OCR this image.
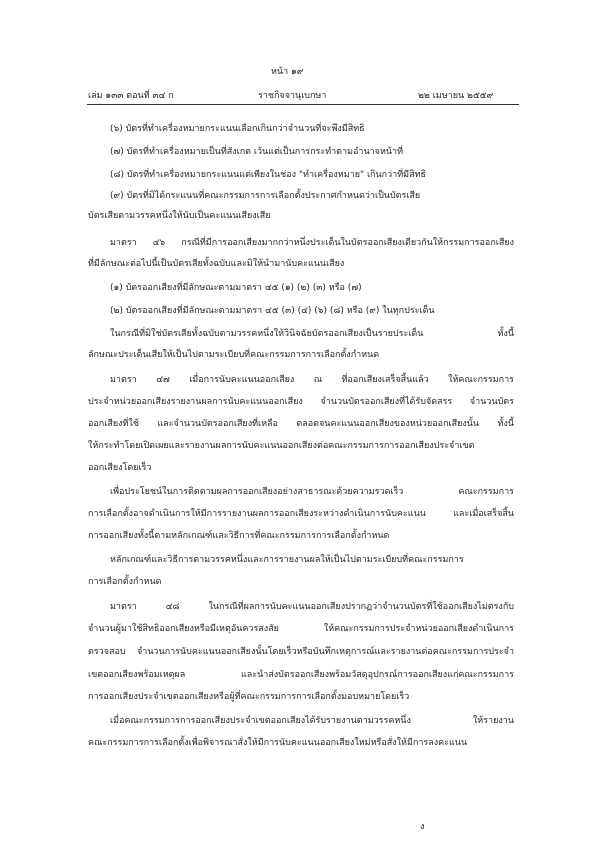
หน้า ๑๙

เล่ม ๑๓๓ ตอนที่ ๓๔ ก	ราชกิจจานุเบกษา	๒๒ เมษายน ๒๕๕๙

(๖) บัตรที่ทำเครื่องหมายกระแนนเลือกเกินกว่าจำนวนที่จะพึงมีสิทธิ

(๗) บัตรที่ทำเครื่องหมายเป็นที่สังเกต เว้นแต่เป็นการกระทำตามอำนาจหน้าที่

(๘) บัตรที่ทำเครื่องหมายกระแนนแต่เพียงในช่อง "ทำเครื่องหมาย" เกินกว่าที่มีสิทธิ

(๙) บัตรที่มิได้กระแนนที่คณะกรรมการการเลือกตั้งประกาศกำหนดว่าเป็นบัตรเสีย

บัตรเสียตามวรรคหนึ่งให้นับเป็นคะแนนเสียงเสีย

มาตรา ๔๖ กรณีที่มีการออกเสียงมากกว่าหนึ่งประเด็นในบัตรออกเสียงเดียวกันให้กรรมการออกเสียง

ที่มีลักษณะต่อไปนี้เป็นบัตรเสียทั้งฉบับและมิให้นำมานับคะแนนเสียง

(๑) บัตรออกเสียงที่มีลักษณะตามมาตรา ๔๕ (๑) (๒) (๓) หรือ (๗)

(๒) บัตรออกเสียงที่มีลักษณะตามมาตรา ๔๕ (๓) (๔) (๖) (๘) หรือ (๙) ในทุกประเด็น

ในกรณีที่มิใช่บัตรเสียทั้งฉบับตามวรรคหนึ่งให้วินิจฉัยบัตรออกเสียงเป็นรายประเด็น ทั้งนี้

ลักษณะประเด็นเสียให้เป็นไปตามระเบียบที่คณะกรรมการการเลือกตั้งกำหนด

มาตรา ๔๗ เมื่อการนับคะแนนออกเสียง ณ ที่ออกเสียงเสร็จสิ้นแล้ว ให้คณะกรรมการ

ประจำหน่วยออกเสียงรายงานผลการนับคะแนนออกเสียง จำนวนบัตรออกเสียงที่ได้รับจัดสรร จำนวนบัตร

ออกเสียงที่ใช้ และจำนวนบัตรออกเสียงที่เหลือ ตลอดจนคะแนนออกเสียงของหน่วยออกเสียงนั้น ทั้งนี้

ให้กระทำโดยเปิดเผยและรายงานผลการนับคะแนนออกเสียงต่อคณะกรรมการการออกเสียงประจำเขต

ออกเสียงโดยเร็ว

เพื่อประโยชน์ในการติดตามผลการออกเสียงอย่างสาธารณะด้วยความรวดเร็ว คณะกรรมการ

การเลือกตั้งอาจดำเนินการให้มีการรายงานผลการออกเสียงระหว่างดำเนินการนับคะแนน และเมื่อเสร็จสิ้น

การออกเสียงทั้งนี้ตามหลักเกณฑ์และวิธีการที่คณะกรรมการการเลือกตั้งกำหนด

หลักเกณฑ์และวิธีการตามวรรคหนึ่งและการรายงานผลให้เป็นไปตามระเบียบที่คณะกรรมการ

การเลือกตั้งกำหนด

มาตรา ๔๘ ในกรณีที่ผลการนับคะแนนออกเสียงปรากฏว่าจำนวนบัตรที่ใช้ออกเสียงไม่ตรงกับ

จำนวนผู้มาใช้สิทธิออกเสียงหรือมีเหตุอันควรสงสัย ให้คณะกรรมการประจำหน่วยออกเสียงดำเนินการ

ตรวจสอบ จำนวนการนับคะแนนออกเสียงนั้นโดยเร็วหรือบันทึกเหตุการณ์และรายงานต่อคณะกรรมการประจำ

เขตออกเสียงพร้อมเหตุผล และนำส่งบัตรออกเสียงพร้อมวัสดุอุปกรณ์การออกเสียงแก่คณะกรรมการ

การออกเสียงประจำเขตออกเสียงหรือผู้ที่คณะกรรมการการเลือกตั้งมอบหมายโดยเร็ว

เมื่อคณะกรรมการการออกเสียงประจำเขตออกเสียงได้รับรายงานตามวรรคหนึ่ง ให้รายงาน

คณะกรรมการการเลือกตั้งเพื่อพิจารณาสั่งให้มีการนับคะแนนออกเสียงใหม่หรือสั่งให้มีการลงคะแนน

ง
